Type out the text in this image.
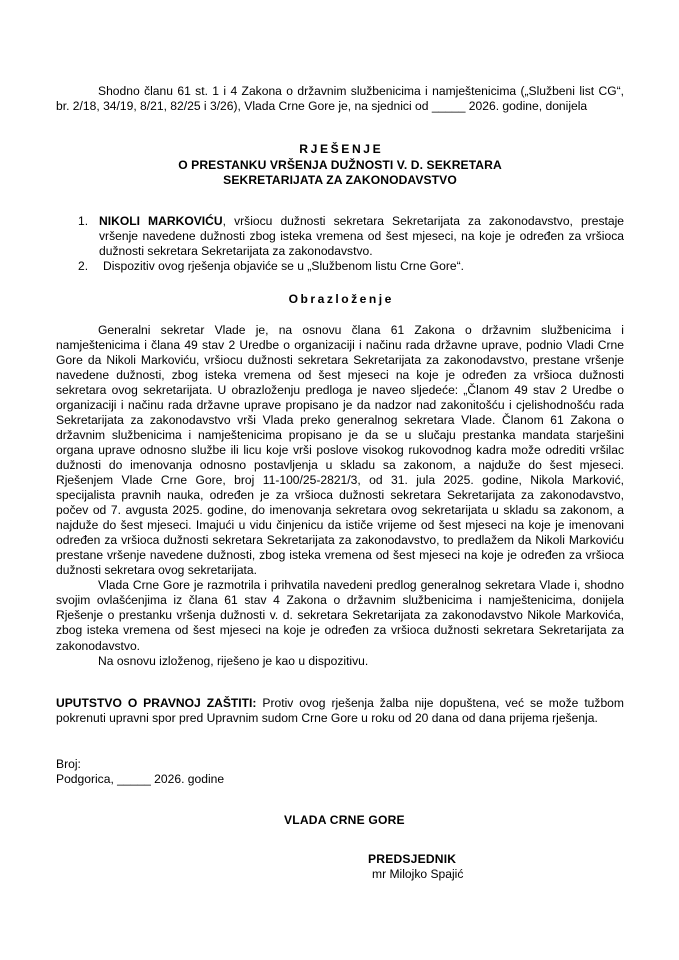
Shodno članu 61 st. 1 i 4 Zakona o državnim službenicima i namještenicima („Službeni list CG“, br. 2/18, 34/19, 8/21, 82/25 i 3/26), Vlada Crne Gore je, na sjednici od _____ 2026. godine, donijela

RJEŠENJE
O PRESTANKU VRŠENJA DUŽNOSTI V. D. SEKRETARA
SEKRETARIJATA ZA ZAKONODAVSTVO
1. NIKOLI MARKOVIĆU, vršiocu dužnosti sekretara Sekretarijata za zakonodavstvo, prestaje vršenje navedene dužnosti zbog isteka vremena od šest mjeseci, na koje je određen za vršioca dužnosti sekretara Sekretarijata za zakonodavstvo.
2.	Dispozitiv ovog rješenja objaviće se u „Službenom listu Crne Gore“.
Obrazloženje

Generalni sekretar Vlade je, na osnovu člana 61 Zakona o državnim službenicima i namještenicima i člana 49 stav 2 Uredbe o organizaciji i načinu rada državne uprave, podnio Vladi Crne Gore da Nikoli Markoviću, vršiocu dužnosti sekretara Sekretarijata za zakonodavstvo, prestane vršenje navedene dužnosti, zbog isteka vremena od šest mjeseci na koje je određen za vršioca dužnosti sekretara ovog sekretarijata. U obrazloženju predloga je naveo sljedeće: „Članom 49 stav 2 Uredbe o organizaciji i načinu rada državne uprave propisano je da nadzor nad zakonitošću i cjelishodnošću rada Sekretarijata za zakonodavstvo vrši Vlada preko generalnog sekretara Vlade. Članom 61 Zakona o državnim službenicima i namještenicima propisano je da se u slučaju prestanka mandata starješini organa uprave odnosno službe ili licu koje vrši poslove visokog rukovodnog kadra može odrediti vršilac dužnosti do imenovanja odnosno postavljenja u skladu sa zakonom, a najduže do šest mjeseci. Rješenjem Vlade Crne Gore, broj 11-100/25-2821/3, od 31. jula 2025. godine, Nikola Marković, specijalista pravnih nauka, određen je za vršioca dužnosti sekretara Sekretarijata za zakonodavstvo, počev od 7. avgusta 2025. godine, do imenovanja sekretara ovog sekretarijata u skladu sa zakonom, a najduže do šest mjeseci. Imajući u vidu činjenicu da ističe vrijeme od šest mjeseci na koje je imenovani određen za vršioca dužnosti sekretara Sekretarijata za zakonodavstvo, to predlažem da Nikoli Markoviću prestane vršenje navedene dužnosti, zbog isteka vremena od šest mjeseci na koje je određen za vršioca dužnosti sekretara ovog sekretarijata.

Vlada Crne Gore je razmotrila i prihvatila navedeni predlog generalnog sekretara Vlade i, shodno svojim ovlašćenjima iz člana 61 stav 4 Zakona o državnim službenicima i namještenicima, donijela Rješenje o prestanku vršenja dužnosti v. d. sekretara Sekretarijata za zakonodavstvo Nikole Markovića, zbog isteka vremena od šest mjeseci na koje je određen za vršioca dužnosti sekretara Sekretarijata za zakonodavstvo.

Na osnovu izloženog, riješeno je kao u dispozitivu.

UPUTSTVO O PRAVNOJ ZAŠTITI: Protiv ovog rješenja žalba nije dopuštena, već se može tužbom pokrenuti upravni spor pred Upravnim sudom Crne Gore u roku od 20 dana od dana prijema rješenja.

Broj:
Podgorica, _____ 2026. godine
VLADA CRNE GORE
PREDSJEDNIK
mr Milojko Spajić
